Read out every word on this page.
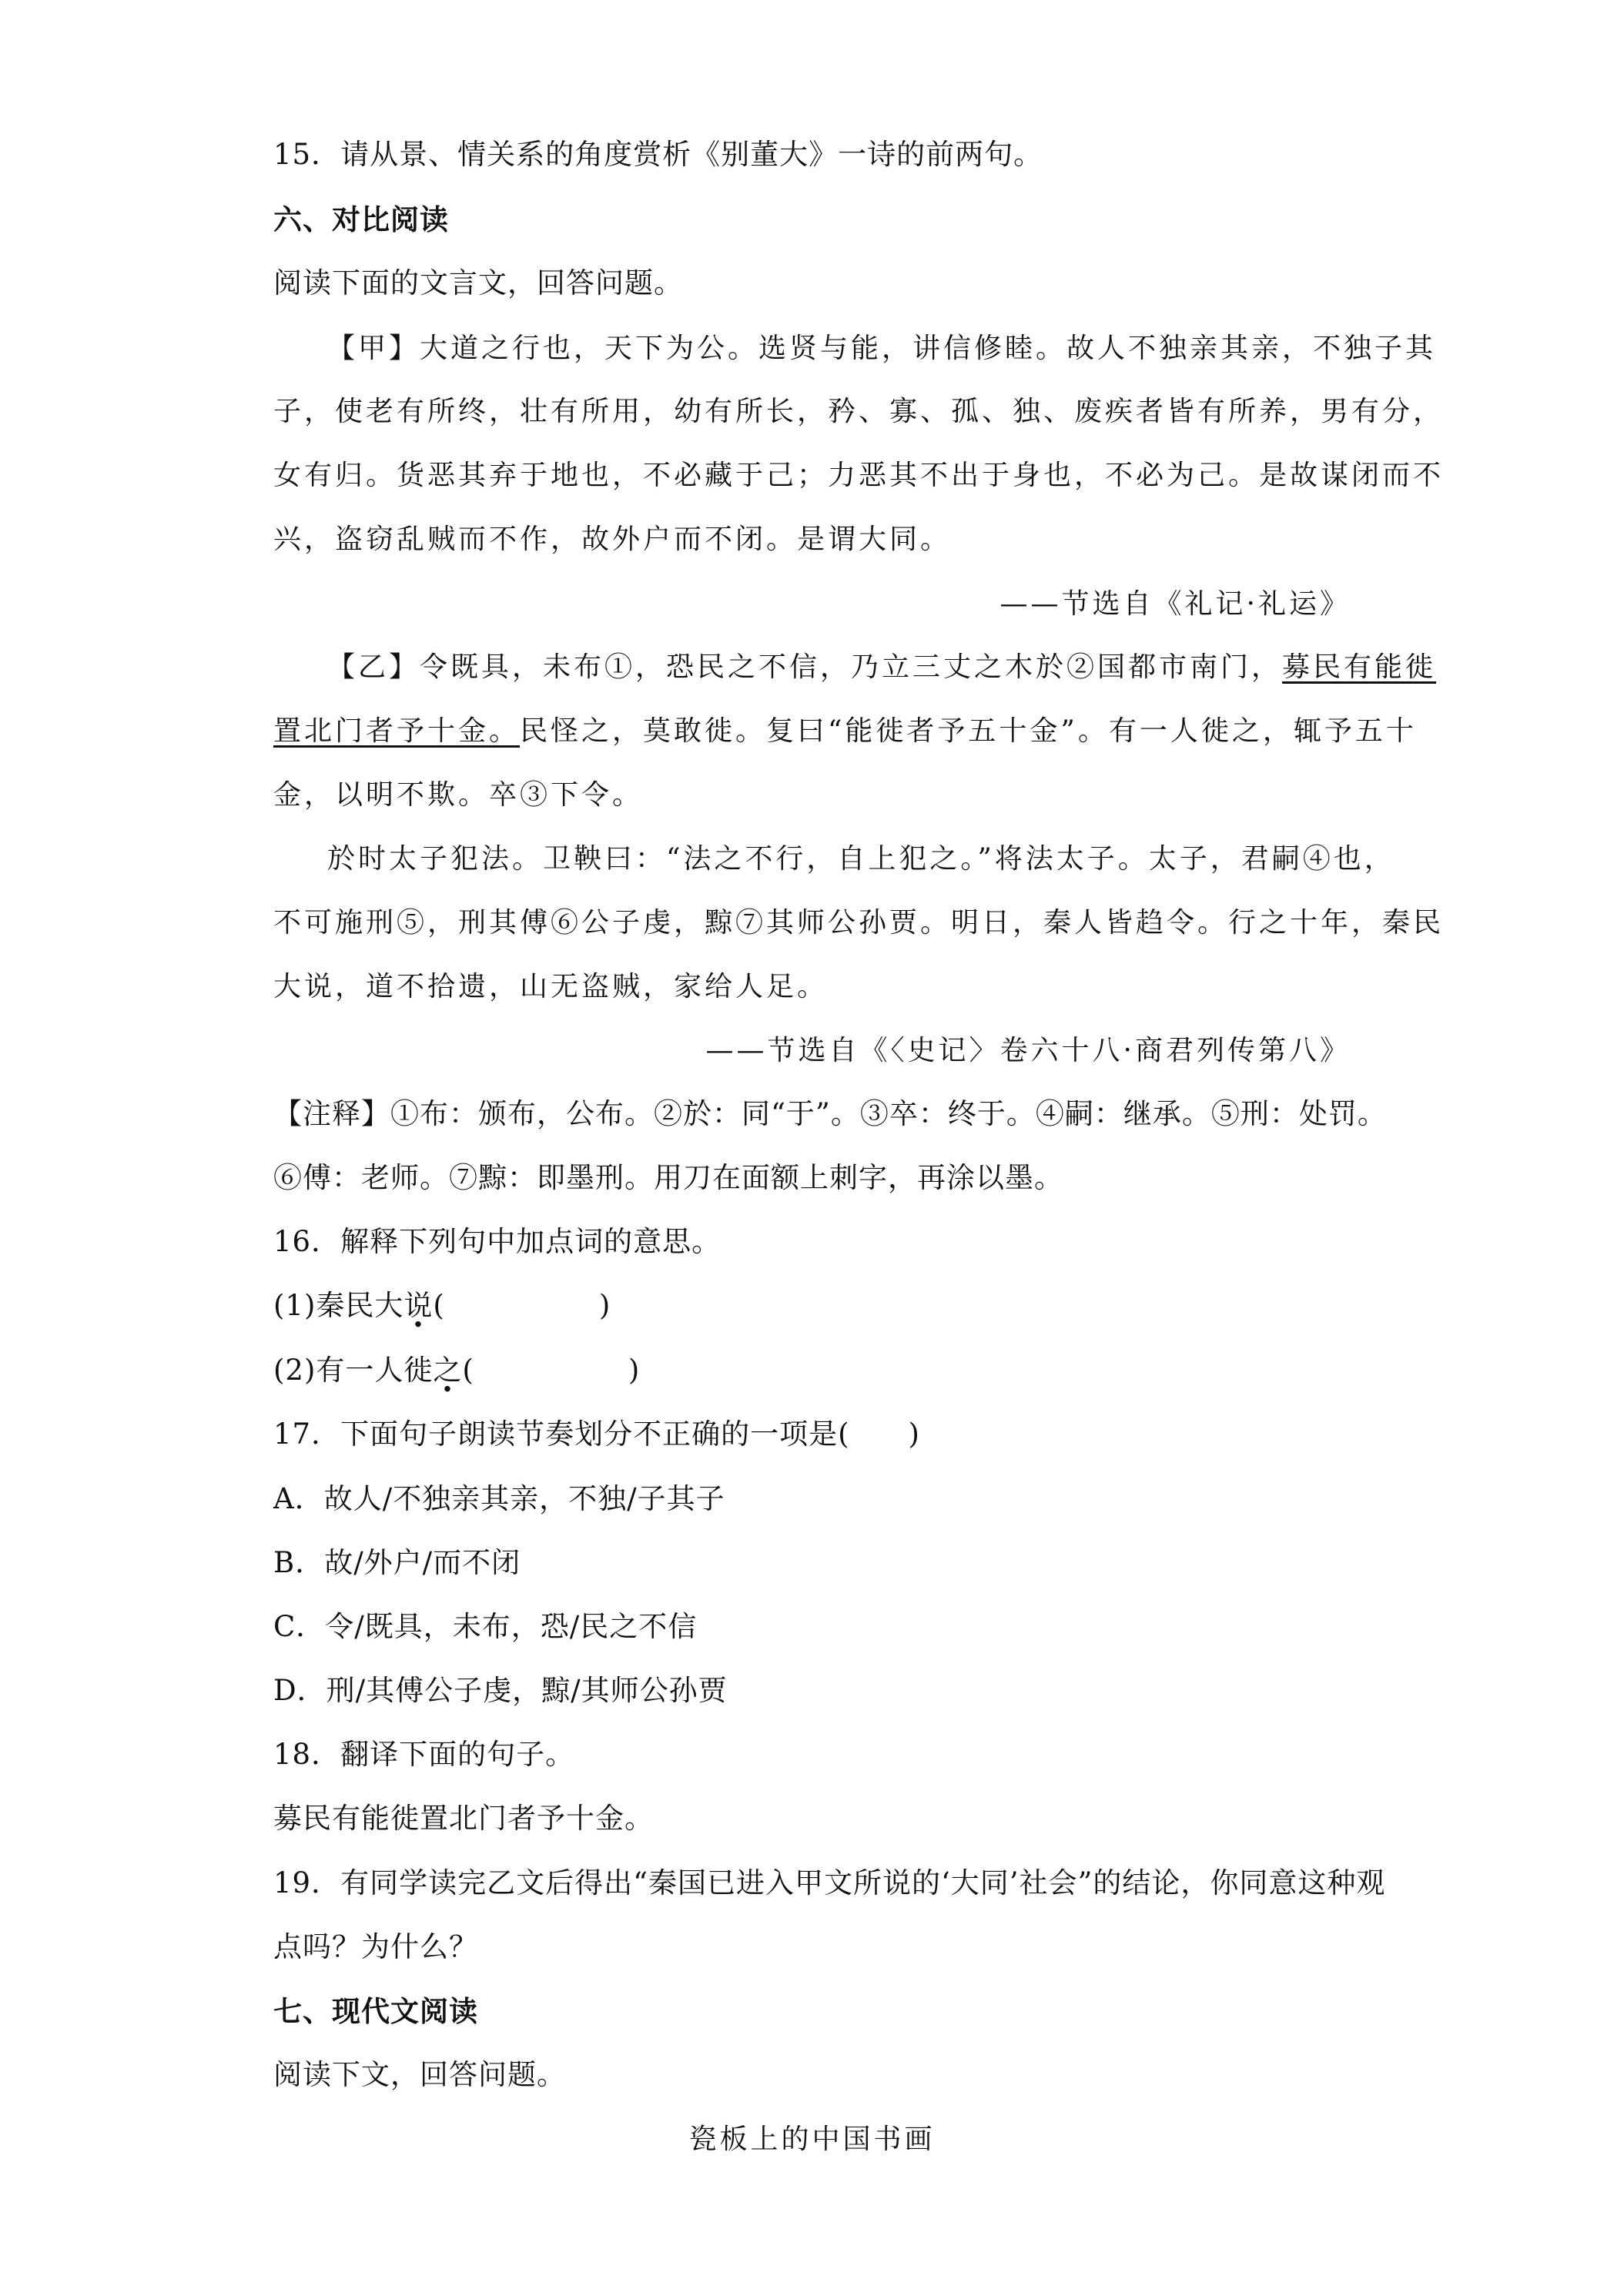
15．请从景、情关系的角度赏析《别董大》一诗的前两句。
六、对比阅读
阅读下面的文言文，回答问题。
【甲】大道之行也，天下为公。选贤与能，讲信修睦。故人不独亲其亲，不独子其
子，使老有所终，壮有所用，幼有所长，矜、寡、孤、独、废疾者皆有所养，男有分，
女有归。货恶其弃于地也，不必藏于己；力恶其不出于身也，不必为己。是故谋闭而不
兴，盗窃乱贼而不作，故外户而不闭。是谓大同。
——节选自《礼记·礼运》
【乙】令既具，未布①，恐民之不信，乃立三丈之木於②国都市南门，募民有能徙
置北门者予十金。民怪之，莫敢徙。复曰“能徙者予五十金”。有一人徙之，辄予五十
金，以明不欺。卒③下令。
於时太子犯法。卫鞅曰：“法之不行，自上犯之。”将法太子。太子，君嗣④也，
不可施刑⑤，刑其傅⑥公子虔，黥⑦其师公孙贾。明日，秦人皆趋令。行之十年，秦民
大说，道不拾遗，山无盗贼，家给人足。
——节选自《〈史记〉卷六十八·商君列传第八》
【注释】①布：颁布，公布。②於：同“于”。③卒：终于。④嗣：继承。⑤刑：处罚。
⑥傅：老师。⑦黥：即墨刑。用刀在面额上刺字，再涂以墨。
16．解释下列句中加点词的意思。
(1)秦民大说(	)
(2)有一人徙之(	)
17．下面句子朗读节奏划分不正确的一项是(　　)
A．故人/不独亲其亲，不独/子其子
B．故/外户/而不闭
C．令/既具，未布，恐/民之不信
D．刑/其傅公子虔，黥/其师公孙贾
18．翻译下面的句子。
募民有能徙置北门者予十金。
19．有同学读完乙文后得出“秦国已进入甲文所说的‘大同’社会”的结论，你同意这种观
点吗？为什么？
七、现代文阅读
阅读下文，回答问题。
瓷板上的中国书画
